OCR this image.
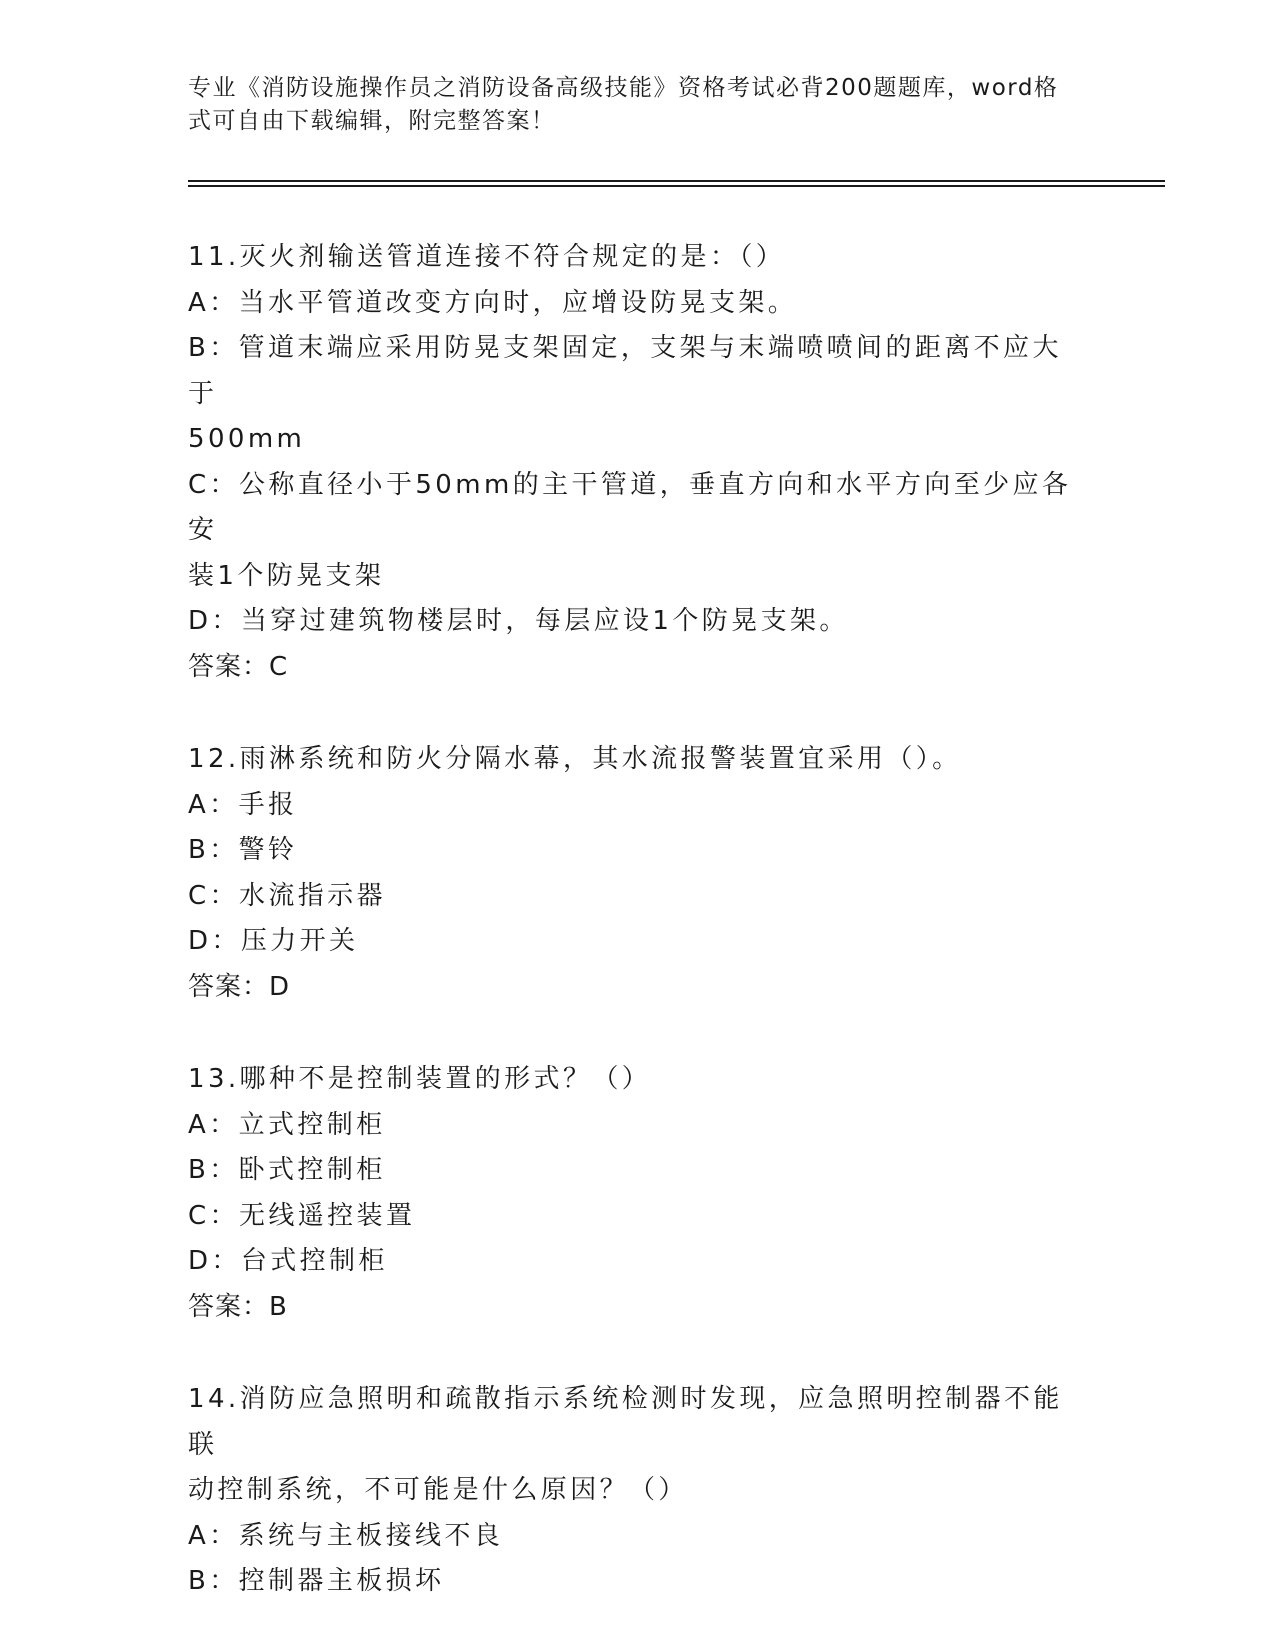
专业《消防设施操作员之消防设备高级技能》资格考试必背200题题库，word格
式可自由下载编辑，附完整答案！
11.灭火剂输送管道连接不符合规定的是：（）
A：当水平管道改变方向时，应增设防晃支架。
B：管道末端应采用防晃支架固定，支架与末端喷喷间的距离不应大于
500mm
C：公称直径小于50mm的主干管道，垂直方向和水平方向至少应各安
装1个防晃支架
D：当穿过建筑物楼层时，每层应设1个防晃支架。
答案：C
12.雨淋系统和防火分隔水幕，其水流报警装置宜采用（）。
A：手报
B：警铃
C：水流指示器
D：压力开关
答案：D
13.哪种不是控制装置的形式？（）
A：立式控制柜
B：卧式控制柜
C：无线遥控装置
D：台式控制柜
答案：B
14.消防应急照明和疏散指示系统检测时发现，应急照明控制器不能联
动控制系统，不可能是什么原因？（）
A：系统与主板接线不良
B：控制器主板损坏
